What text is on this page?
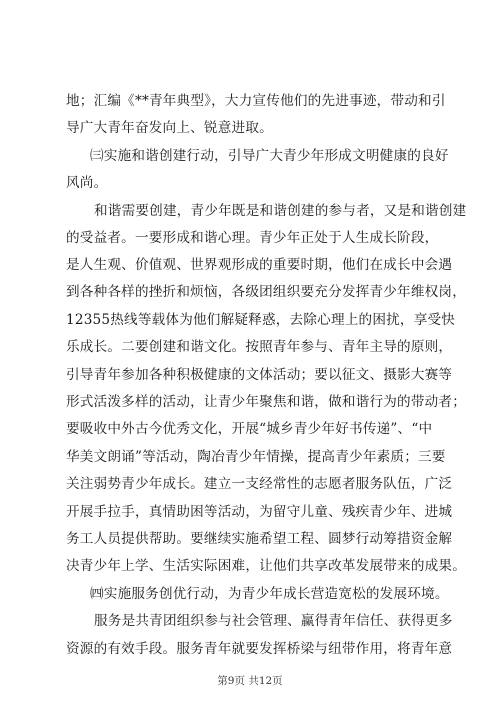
地；汇编《**青年典型》，大力宣传他们的先进事迹，带动和引
导广大青年奋发向上、锐意进取。
㈢实施和谐创建行动，引导广大青少年形成文明健康的良好
风尚。
和谐需要创建，青少年既是和谐创建的参与者，又是和谐创建
的受益者。一要形成和谐心理。青少年正处于人生成长阶段，
是人生观、价值观、世界观形成的重要时期，他们在成长中会遇
到各种各样的挫折和烦恼，各级团组织要充分发挥青少年维权岗，
12355热线等载体为他们解疑释惑，去除心理上的困扰，享受快
乐成长。二要创建和谐文化。按照青年参与、青年主导的原则，
引导青年参加各种积极健康的文体活动；要以征文、摄影大赛等
形式活泼多样的活动，让青少年聚焦和谐，做和谐行为的带动者；
要吸收中外古今优秀文化，开展“城乡青少年好书传递”、“中
华美文朗诵”等活动，陶冶青少年情操，提高青少年素质；三要
关注弱势青少年成长。建立一支经常性的志愿者服务队伍，广泛
开展手拉手，真情助困等活动，为留守儿童、残疾青少年、进城
务工人员提供帮助。要继续实施希望工程、圆梦行动筹措资金解
决青少年上学、生活实际困难，让他们共享改革发展带来的成果。
㈣实施服务创优行动，为青少年成长营造宽松的发展环境。
服务是共青团组织参与社会管理、赢得青年信任、获得更多
资源的有效手段。服务青年就要发挥桥梁与纽带作用，将青年意
第9页 共12页
